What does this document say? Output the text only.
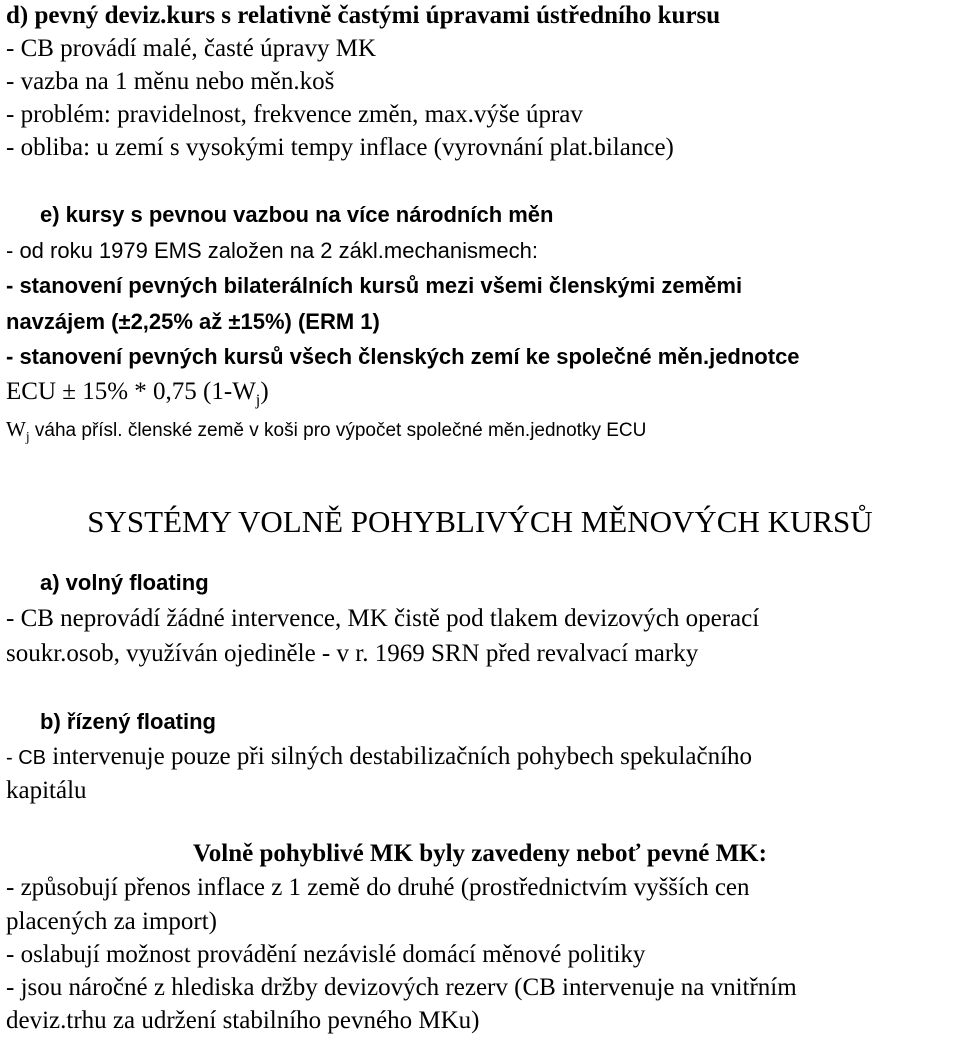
d) pevný deviz.kurs s relativně častými úpravami ústředního kursu
- CB provádí malé, časté úpravy MK
- vazba na 1 měnu nebo měn.koš
- problém: pravidelnost, frekvence změn, max.výše úprav
- obliba: u zemí s vysokými tempy inflace (vyrovnání plat.bilance)
e) kursy s pevnou vazbou na více národních měn
- od roku 1979 EMS založen na 2 zákl.mechanismech:
- stanovení pevných bilaterálních kursů mezi všemi členskými zeměmi
navzájem (±2,25% až ±15%) (ERM 1)
- stanovení pevných kursů všech členských zemí ke společné měn.jednotce
ECU ± 15% * 0,75 $(1-W_j)$
$W_j$ váha přísl. členské země v koši pro výpočet společné měn.jednotky ECU
SYSTÉMY VOLNĚ POHYBLIVÝCH MĚNOVÝCH KURSŮ
a) volný floating
- CB neprovádí žádné intervence, MK čistě pod tlakem devizových operací
soukr.osob, využíván ojediněle - v r. 1969 SRN před revalvací marky
b) řízený floating
- CB intervenuje pouze při silných destabilizačních pohybech spekulačního
kapitálu
Volně pohyblivé MK byly zavedeny neboť pevné MK:
- způsobují přenos inflace z 1 země do druhé (prostřednictvím vyšších cen
placených za import)
- oslabují možnost provádění nezávislé domácí měnové politiky
- jsou náročné z hlediska držby devizových rezerv (CB intervenuje na vnitřním
deviz.trhu za udržení stabilního pevného MKu)
